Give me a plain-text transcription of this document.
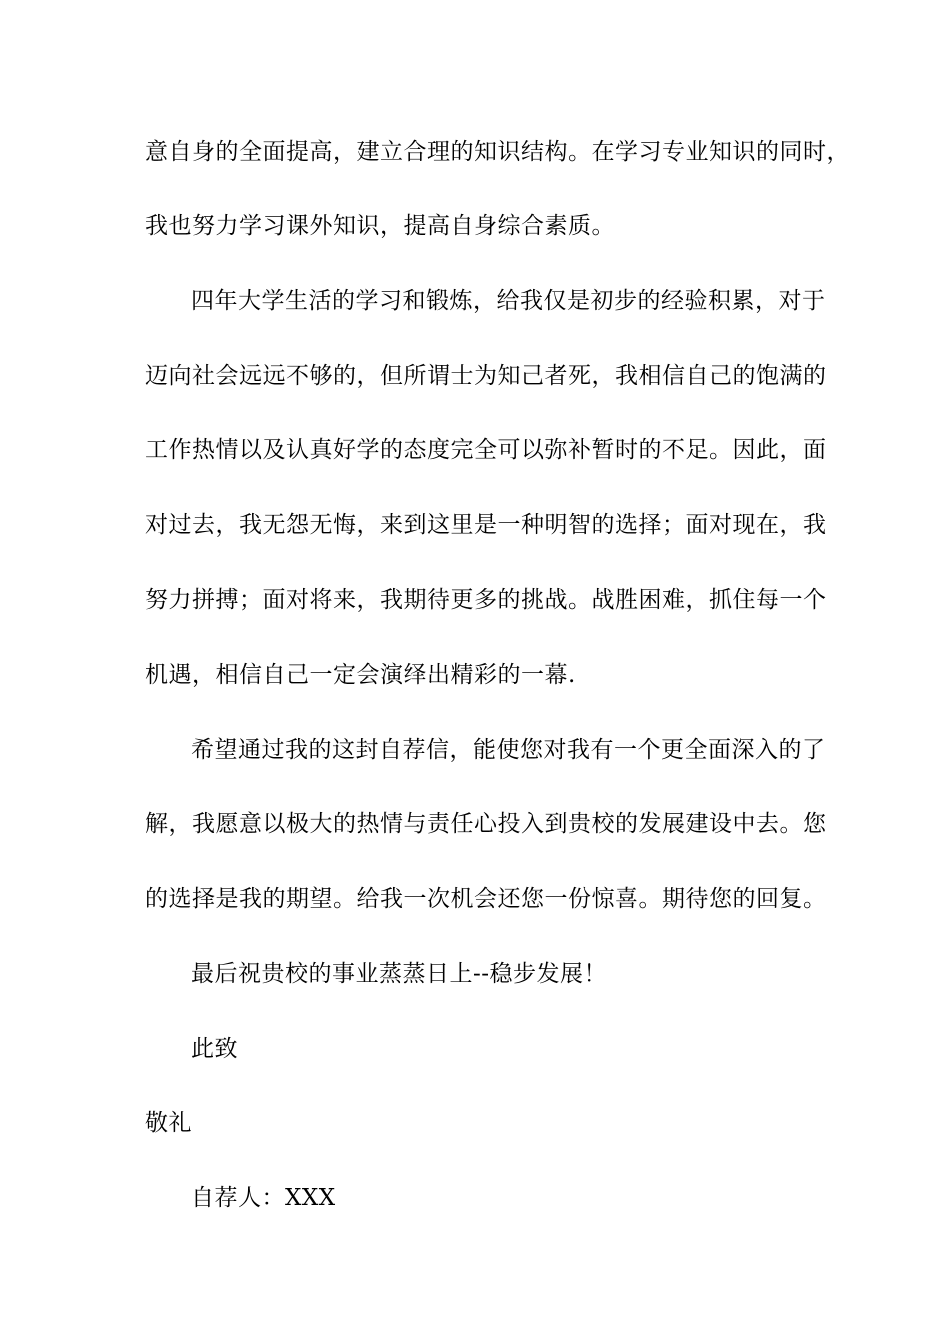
意自身的全面提高，建立合理的知识结构。在学习专业知识的同时，
我也努力学习课外知识，提高自身综合素质。
四年大学生活的学习和锻炼，给我仅是初步的经验积累，对于
迈向社会远远不够的，但所谓士为知己者死，我相信自己的饱满的
工作热情以及认真好学的态度完全可以弥补暂时的不足。因此，面
对过去，我无怨无悔，来到这里是一种明智的选择；面对现在，我
努力拼搏；面对将来，我期待更多的挑战。战胜困难，抓住每一个
机遇，相信自己一定会演绎出精彩的一幕.
希望通过我的这封自荐信，能使您对我有一个更全面深入的了
解，我愿意以极大的热情与责任心投入到贵校的发展建设中去。您
的选择是我的期望。给我一次机会还您一份惊喜。期待您的回复。
最后祝贵校的事业蒸蒸日上--稳步发展！
此致
敬礼
自荐人：XXX
